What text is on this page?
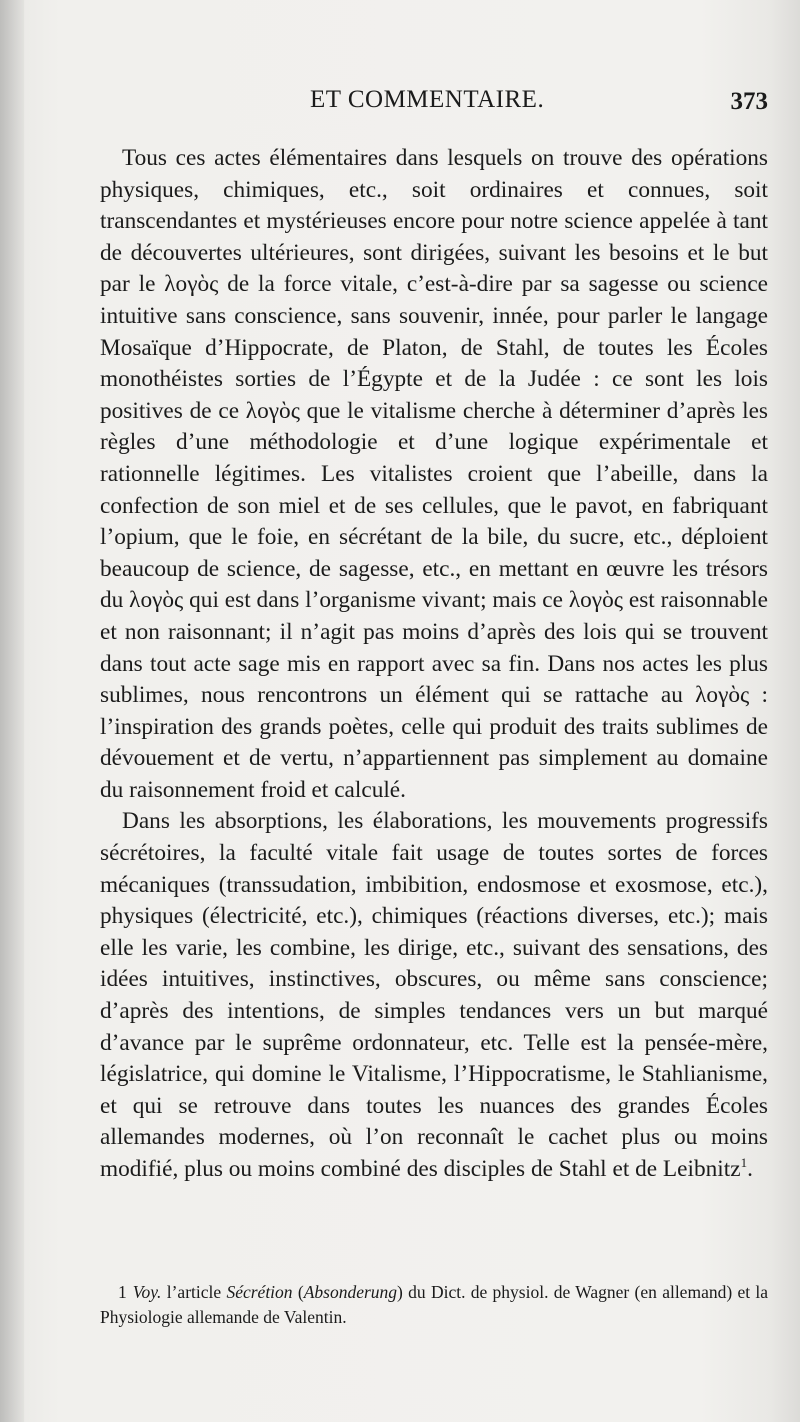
ET COMMENTAIRE.	373

Tous ces actes élémentaires dans lesquels on trouve des opérations physiques, chimiques, etc., soit ordinaires et connues, soit transcendantes et mystérieuses encore pour notre science appelée à tant de découvertes ultérieures, sont dirigées, suivant les besoins et le but par le λογὸς de la force vitale, c’est-à-dire par sa sagesse ou science intuitive sans conscience, sans souvenir, innée, pour parler le langage Mosaïque d’Hippocrate, de Platon, de Stahl, de toutes les Écoles monothéistes sorties de l’Égypte et de la Judée : ce sont les lois positives de ce λογὸς que le vitalisme cherche à déterminer d’après les règles d’une méthodologie et d’une logique expérimentale et rationnelle légitimes. Les vitalistes croient que l’abeille, dans la confection de son miel et de ses cellules, que le pavot, en fabriquant l’opium, que le foie, en sécrétant de la bile, du sucre, etc., déploient beaucoup de science, de sagesse, etc., en mettant en œuvre les trésors du λογὸς qui est dans l’organisme vivant; mais ce λογὸς est raisonnable et non raisonnant; il n’agit pas moins d’après des lois qui se trouvent dans tout acte sage mis en rapport avec sa fin. Dans nos actes les plus sublimes, nous rencontrons un élément qui se rattache au λογὸς : l’inspiration des grands poètes, celle qui produit des traits sublimes de dévouement et de vertu, n’appartiennent pas simplement au domaine du raisonnement froid et calculé.

Dans les absorptions, les élaborations, les mouvements progressifs sécrétoires, la faculté vitale fait usage de toutes sortes de forces mécaniques (transsudation, imbibition, endosmose et exosmose, etc.), physiques (électricité, etc.), chimiques (réactions diverses, etc.); mais elle les varie, les combine, les dirige, etc., suivant des sensations, des idées intuitives, instinctives, obscures, ou même sans conscience; d’après des intentions, de simples tendances vers un but marqué d’avance par le suprême ordonnateur, etc. Telle est la pensée-mère, législatrice, qui domine le Vitalisme, l’Hippocratisme, le Stahlianisme, et qui se retrouve dans toutes les nuances des grandes Écoles allemandes modernes, où l’on reconnaît le cachet plus ou moins modifié, plus ou moins combiné des disciples de Stahl et de Leibnitz$^1$.

1 Voy. l’article Sécrétion (Absonderung) du Dict. de physiol. de Wagner (en allemand) et la Physiologie allemande de Valentin.
